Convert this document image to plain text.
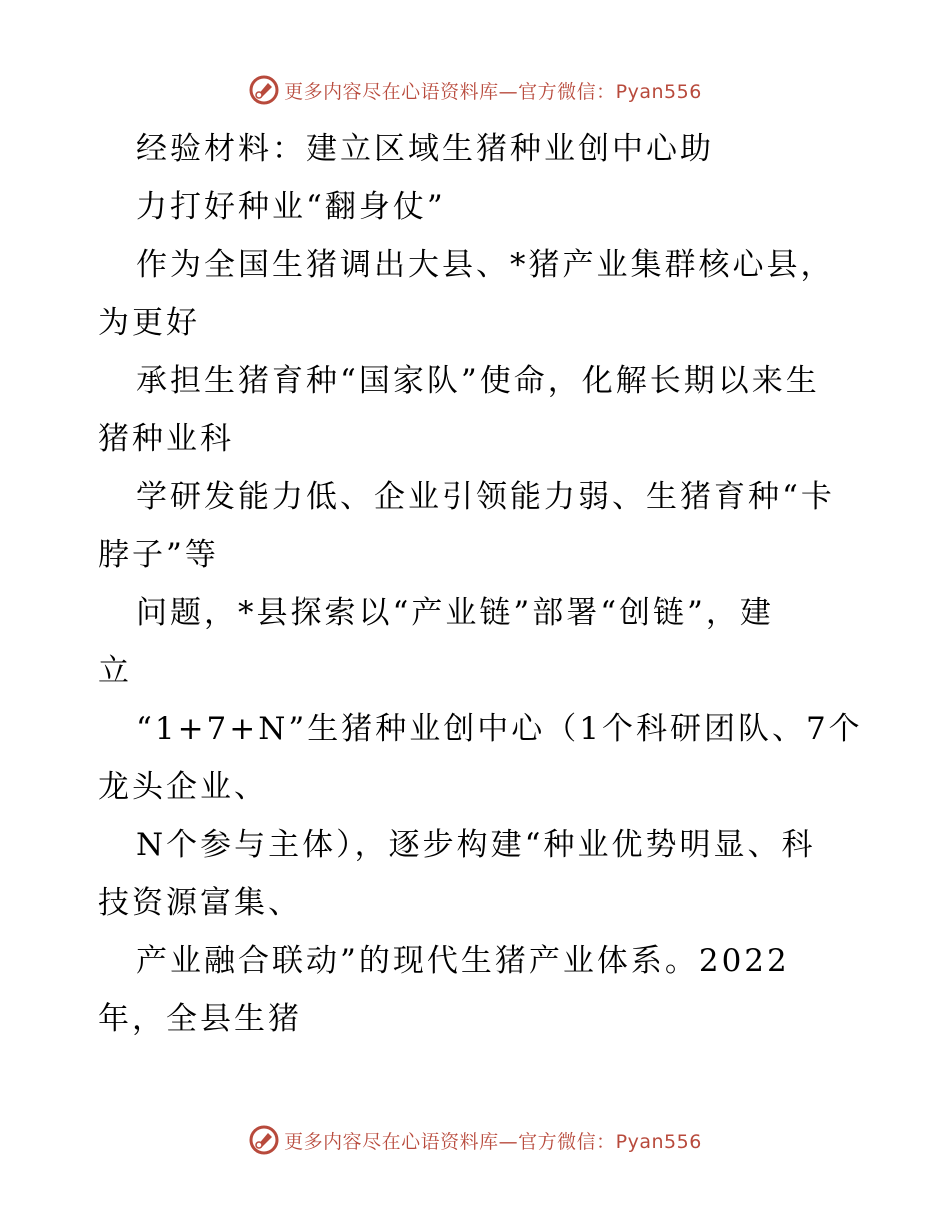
更多内容尽在心语资料库—官方微信：Pyan556
经验材料：建立区域生猪种业创中心助
力打好种业“翻身仗”
作为全国生猪调出大县、*猪产业集群核心县，
为更好
承担生猪育种“国家队”使命，化解长期以来生
猪种业科
学研发能力低、企业引领能力弱、生猪育种“卡
脖子”等
问题，*县探索以“产业链”部署“创链”，建
立
“1+7+N”生猪种业创中心（1个科研团队、7个
龙头企业、
N个参与主体），逐步构建“种业优势明显、科
技资源富集、
产业融合联动”的现代生猪产业体系。2022
年，全县生猪
更多内容尽在心语资料库—官方微信：Pyan556
